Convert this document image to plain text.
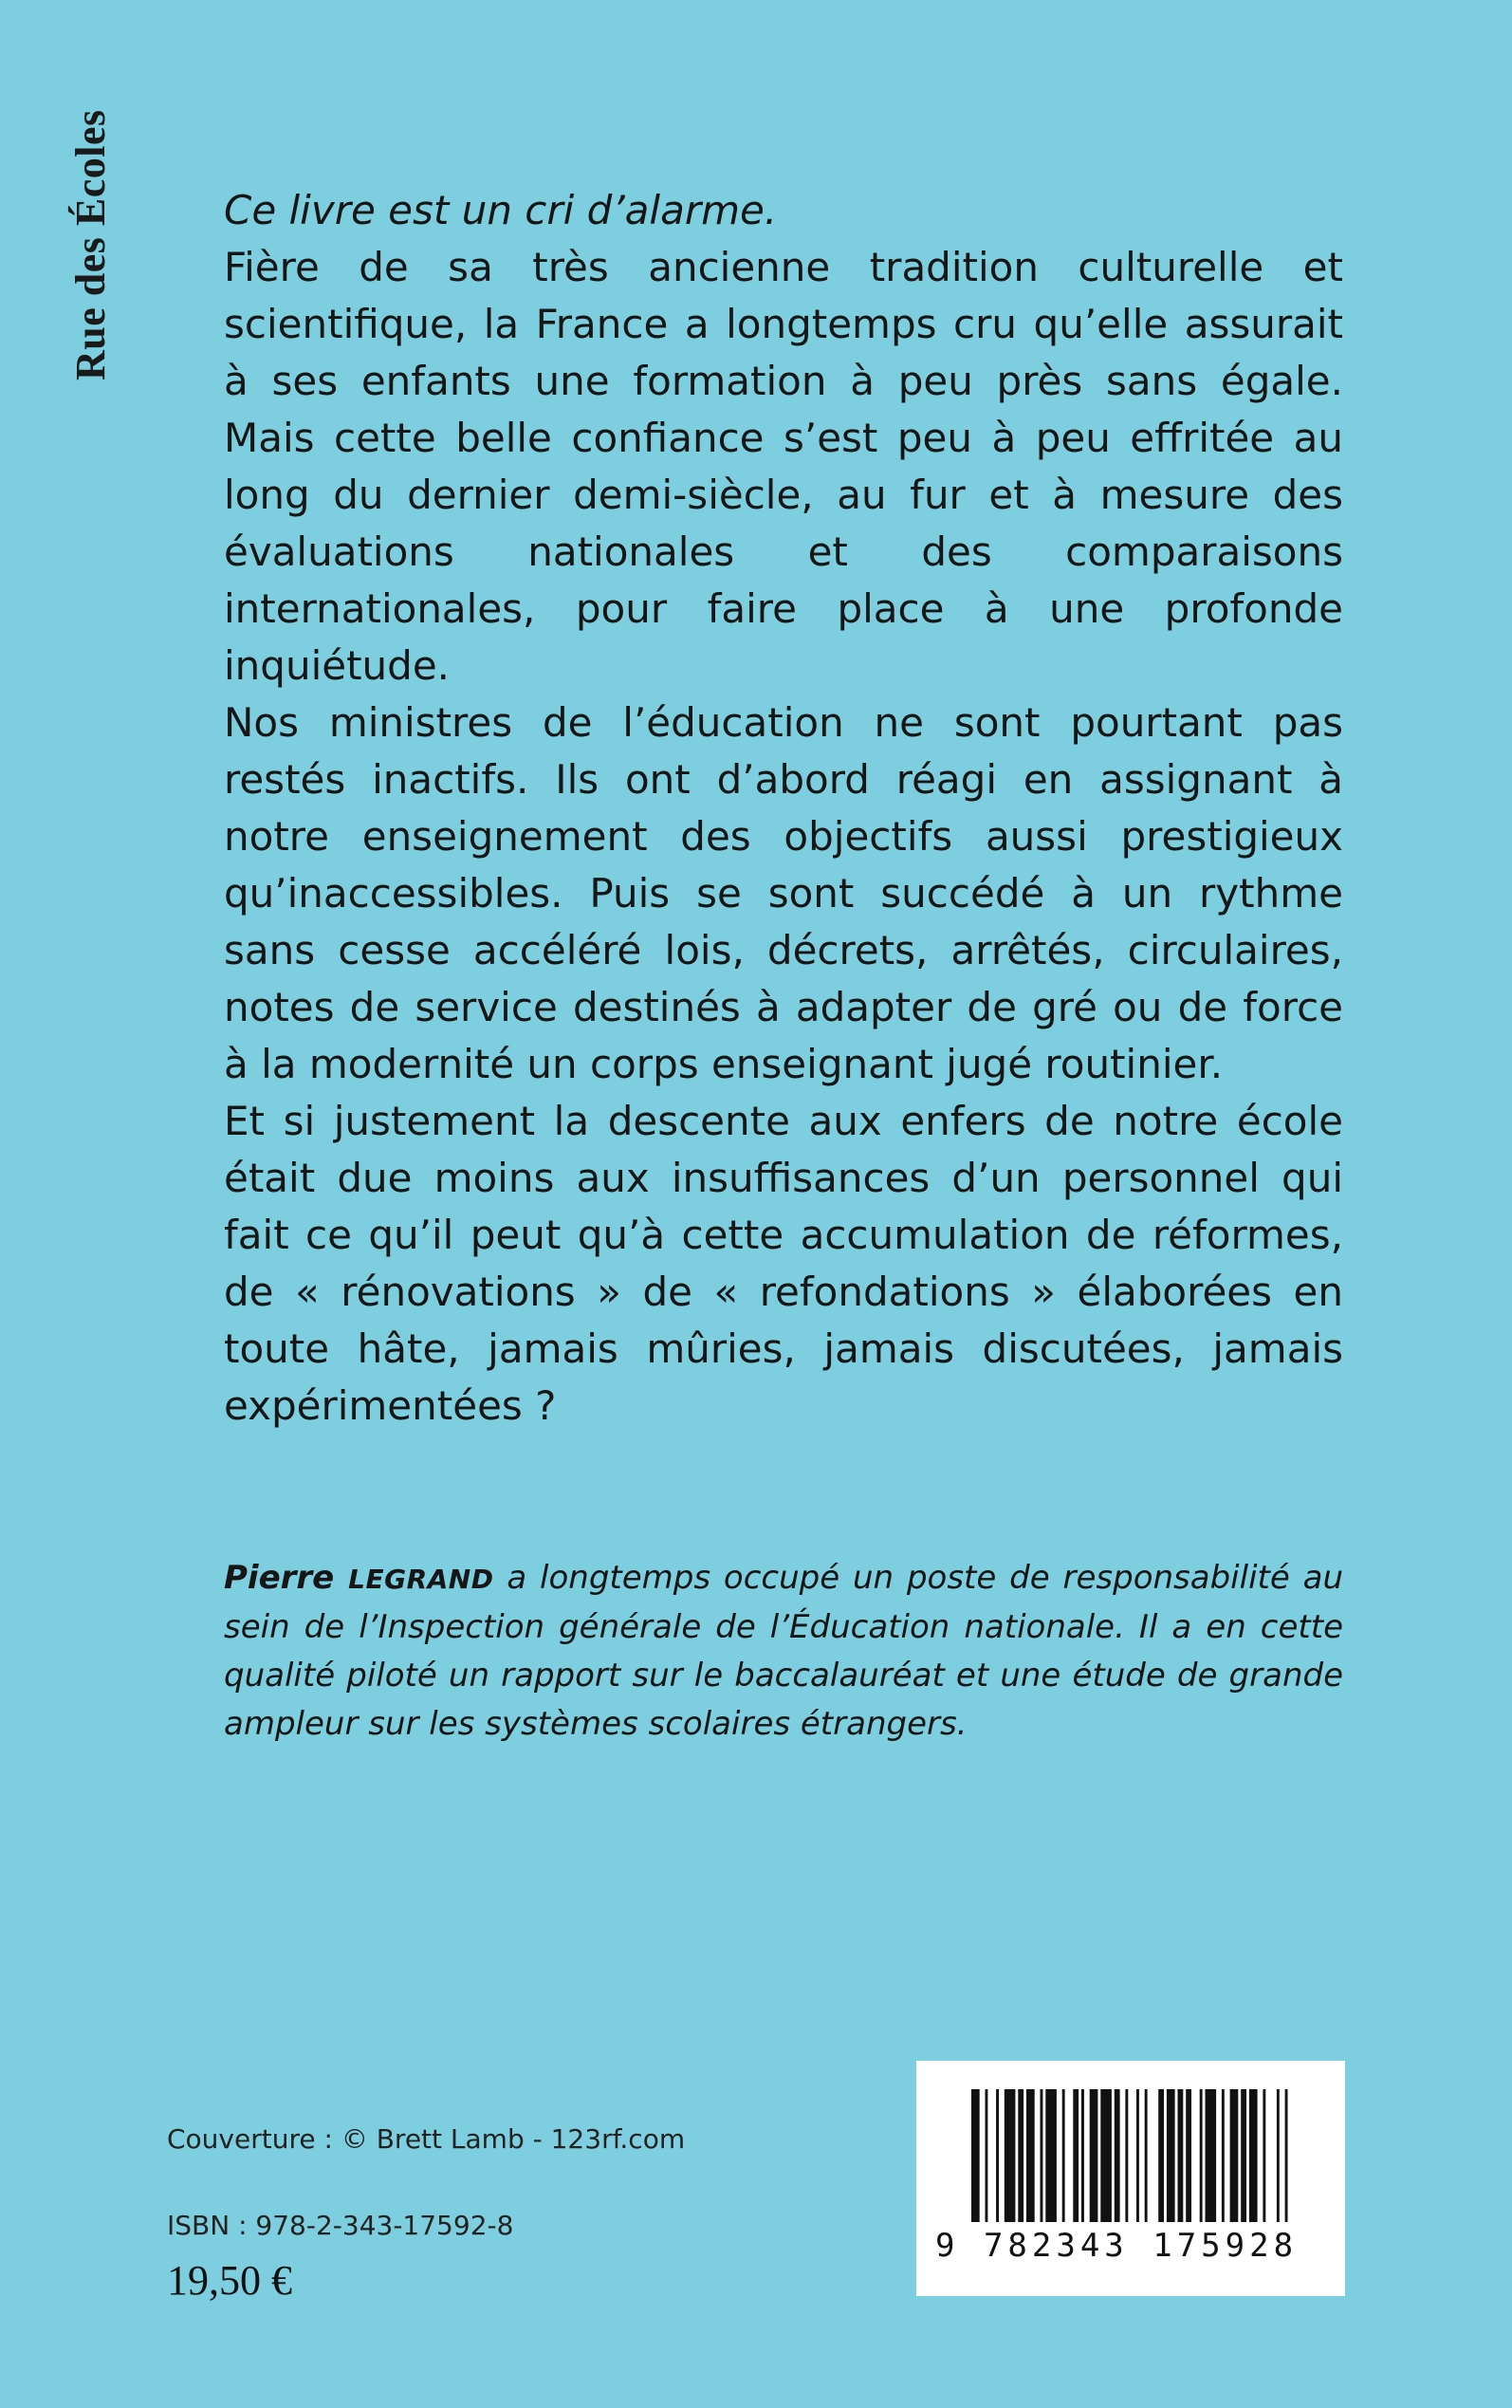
Rue des Écoles	Ce livre est un cri d’alarme.

Fière de sa très ancienne tradition culturelle et scientifique, la France a longtemps cru qu’elle assurait à ses enfants une formation à peu près sans égale. Mais cette belle confiance s’est peu à peu effritée au long du dernier demi-siècle, au fur et à mesure des évaluations nationales et des comparaisons internationales, pour faire place à une profonde inquiétude.

Nos ministres de l’éducation ne sont pourtant pas restés inactifs. Ils ont d’abord réagi en assignant à notre enseignement des objectifs aussi prestigieux qu’inaccessibles. Puis se sont succédé à un rythme sans cesse accéléré lois, décrets, arrêtés, circulaires, notes de service destinés à adapter de gré ou de force à la modernité un corps enseignant jugé routinier.

Et si justement la descente aux enfers de notre école était due moins aux insuffisances d’un personnel qui fait ce qu’il peut qu’à cette accumulation de réformes, de « rénovations » de « refondations » élaborées en toute hâte, jamais mûries, jamais discutées, jamais expérimentées ?

Pierre LEGRAND a longtemps occupé un poste de responsabilité au sein de l’Inspection générale de l’Éducation nationale. Il a en cette qualité piloté un rapport sur le baccalauréat et une étude de grande ampleur sur les systèmes scolaires étrangers.
Couverture : © Brett Lamb - 123rf.com
ISBN : 978-2-343-17592-8
19,50 €
9 782343 175928
